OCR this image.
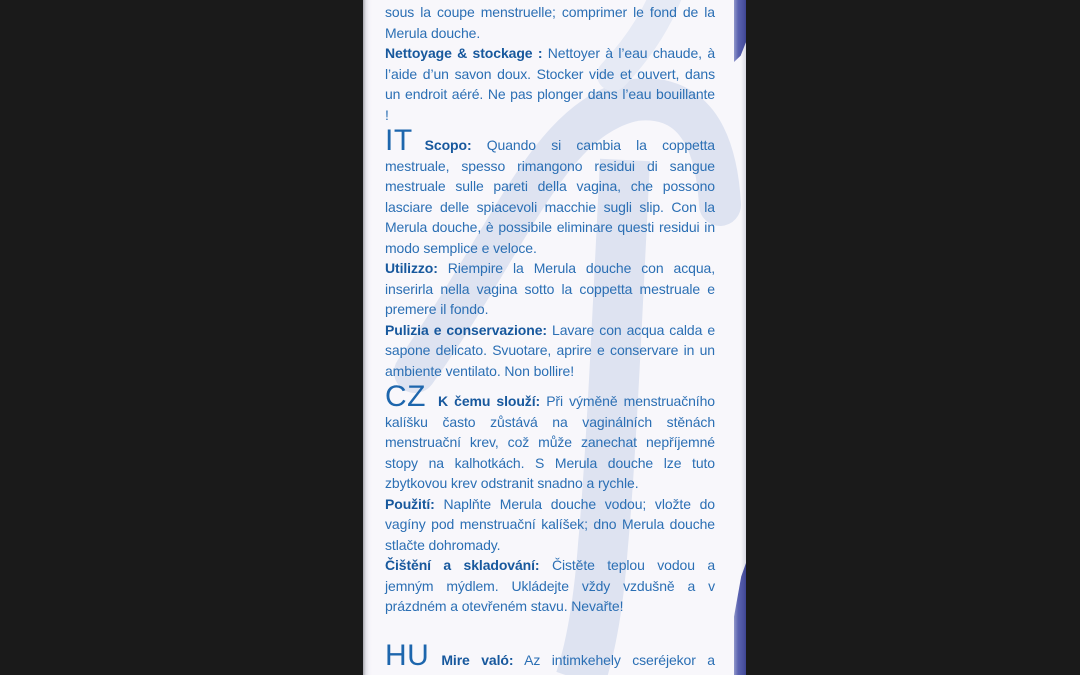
sous la coupe menstruelle; comprimer le fond de la Merula douche.

Nettoyage & stockage : Nettoyer à l’eau chaude, à l’aide d’un savon doux. Stocker vide et ouvert, dans un endroit aéré. Ne pas plonger dans l’eau bouillante !

IT Scopo: Quando si cambia la coppetta mestruale, spesso rimangono residui di sangue mestruale sulle pareti della vagina, che possono lasciare delle spiacevoli macchie sugli slip. Con la Merula douche, è possibile eliminare questi residui in modo semplice e veloce.

Utilizzo: Riempire la Merula douche con acqua, inserirla nella vagina sotto la coppetta mestruale e premere il fondo.

Pulizia e conservazione: Lavare con acqua calda e sapone delicato. Svuotare, aprire e conservare in un ambiente ventilato. Non bollire!

CZ K čemu slouží: Při výměně menstruačního kalíšku často zůstává na vaginálních stěnách menstruační krev, což může zanechat nepříjemné stopy na kalhotkách. S Merula douche lze tuto zbytkovou krev odstranit snadno a rychle.

Použití: Naplňte Merula douche vodou; vložte do vagíny pod menstruační kalíšek; dno Merula douche stlačte dohromady.

Čištění a skladování: Čistěte teplou vodou a jemným mýdlem. Ukládejte vždy vzdušně a v prázdném a otevřeném stavu. Nevařte!

HU Mire való: Az intimkehely cseréjekor a
